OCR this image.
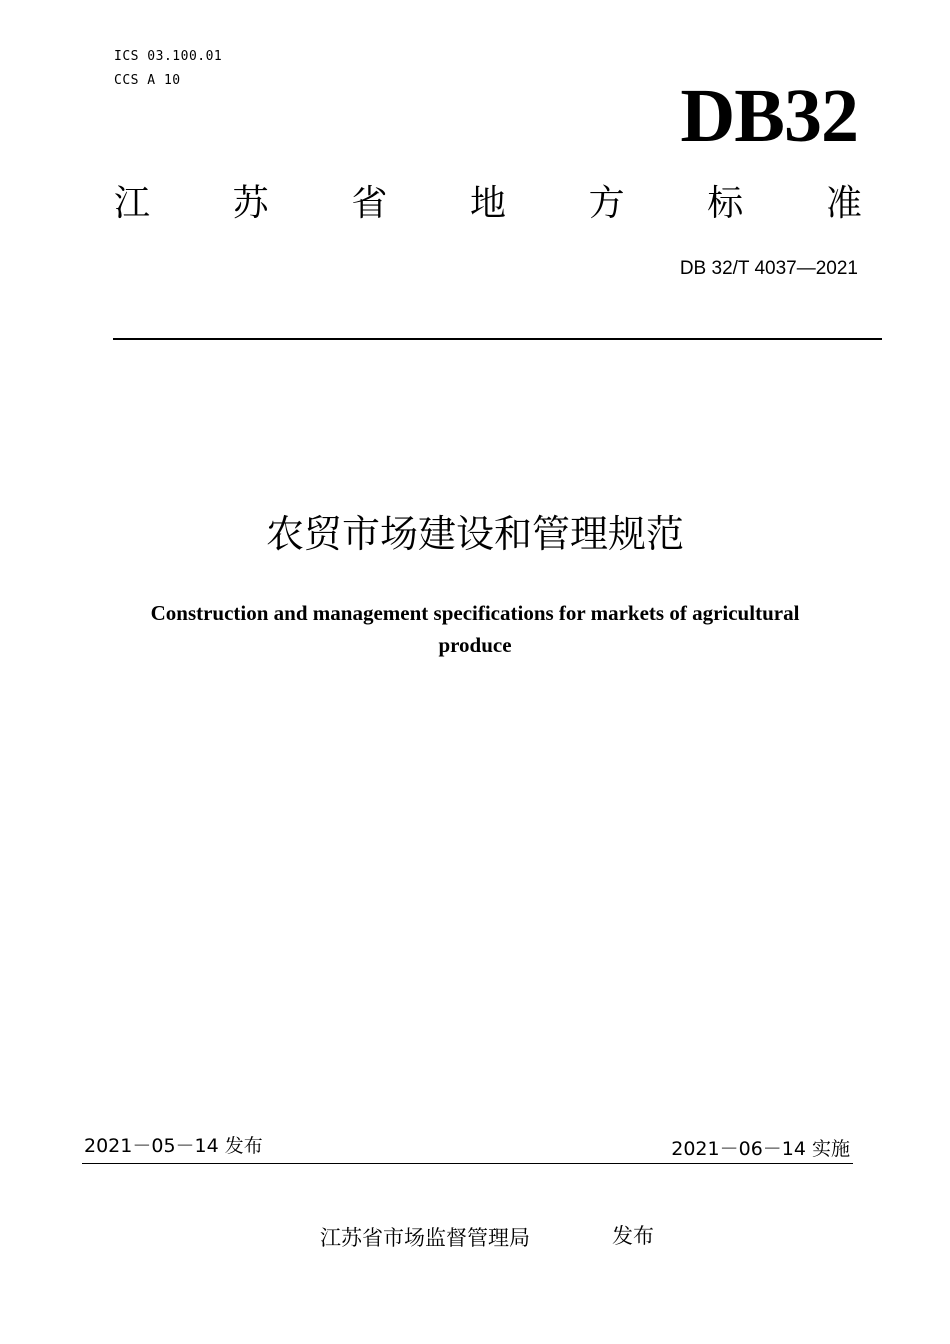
ICS 03.100.01
CCS A 10	DB32
江 苏 省 地 方 标 准
DB 32/T 4037—2021
农贸市场建设和管理规范
Construction and management specifications for markets of agricultural
produce
2021－05－14 发布	2021－06－14 实施
江苏省市场监督管理局	发布
